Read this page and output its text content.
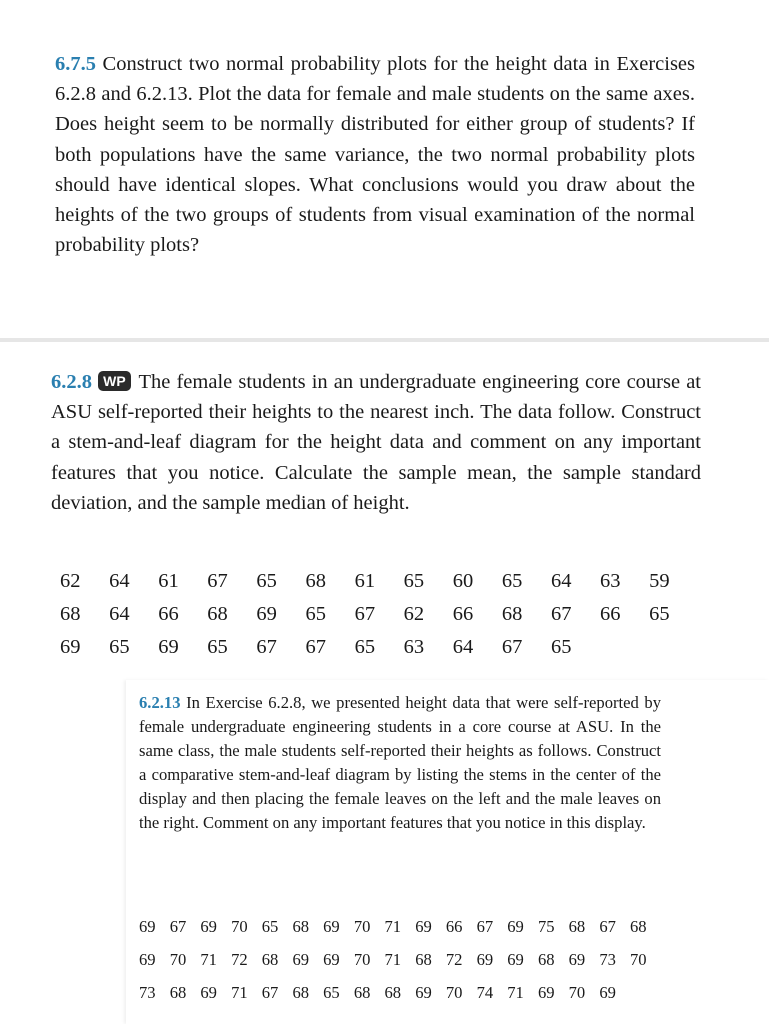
6.7.5 Construct two normal probability plots for the height data in Exercises 6.2.8 and 6.2.13. Plot the data for female and male students on the same axes. Does height seem to be normally distributed for either group of students? If both populations have the same variance, the two normal probability plots should have identical slopes. What conclusions would you draw about the heights of the two groups of students from visual examination of the normal probability plots?

6.2.8 WP The female students in an undergraduate engineering core course at ASU self-reported their heights to the nearest inch. The data follow. Construct a stem-and-leaf diagram for the height data and comment on any important features that you notice. Calculate the sample mean, the sample standard deviation, and the sample median of height.

62	64	61	67	65	68	61	65	60	65	64	63	59
68	64	66	68	69	65	67	62	66	68	67	66	65
69	65	69	65	67	67	65	63	64	67	65

6.2.13 In Exercise 6.2.8, we presented height data that were self-reported by female undergraduate engineering students in a core course at ASU. In the same class, the male students self-reported their heights as follows. Construct a comparative stem-and-leaf diagram by listing the stems in the center of the display and then placing the female leaves on the left and the male leaves on the right. Comment on any important features that you notice in this display.

69 67 69 70 65 68 69 70 71 69 66 67 69 75 68 67 68
69 70 71 72 68 69 69 70 71 68 72 69 69 68 69 73 70
73 68 69 71 67 68 65 68 68 69 70 74 71 69 70 69
